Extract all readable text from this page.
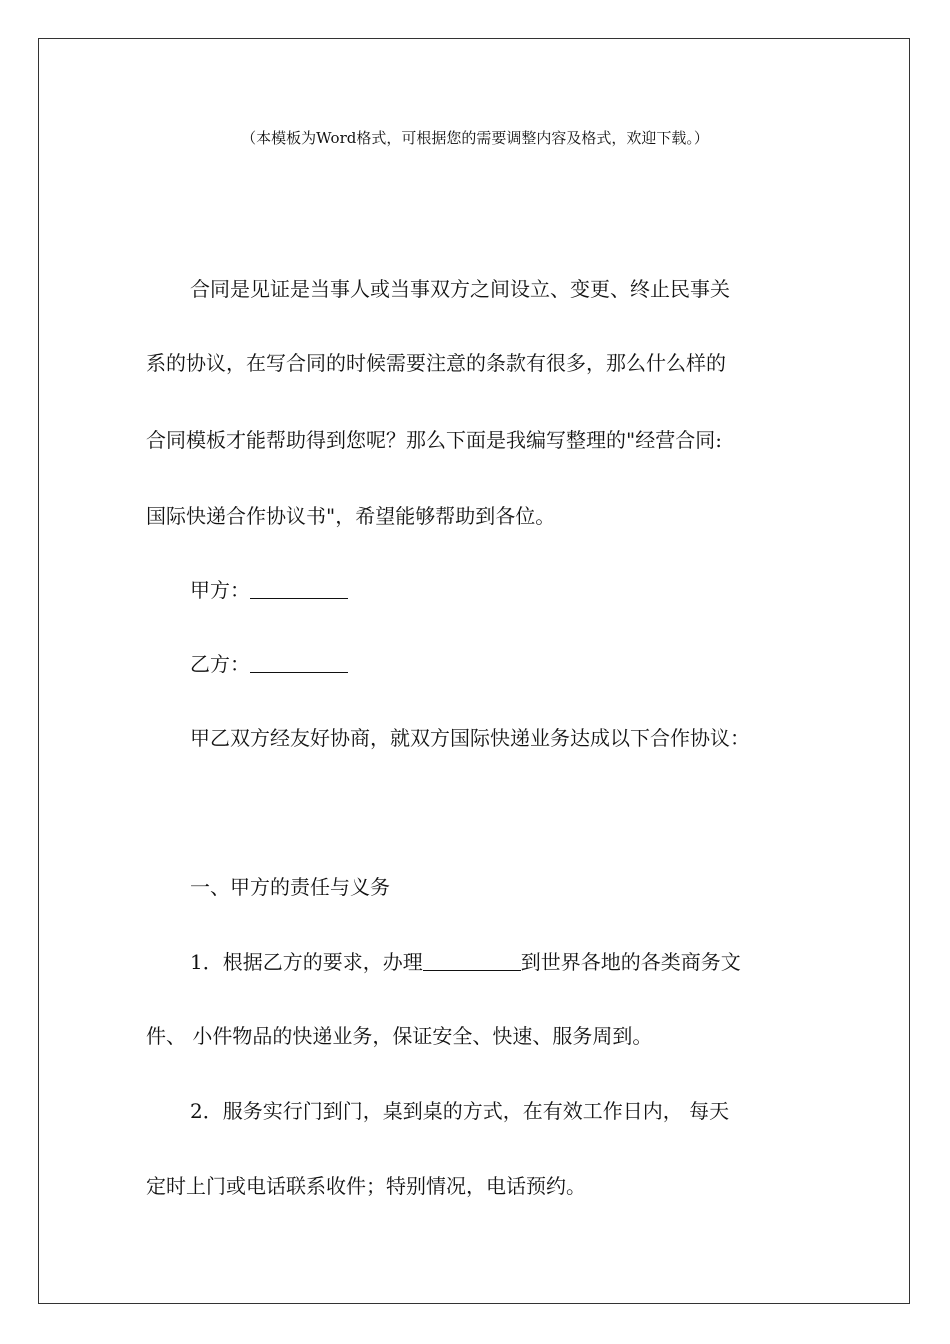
（本模板为Word格式，可根据您的需要调整内容及格式，欢迎下载。）
合同是见证是当事人或当事双方之间设立、变更、终止民事关
系的协议，在写合同的时候需要注意的条款有很多，那么什么样的
合同模板才能帮助得到您呢？那么下面是我编写整理的"经营合同:
国际快递合作协议书"，希望能够帮助到各位。
甲方：
乙方：
甲乙双方经友好协商，就双方国际快递业务达成以下合作协议：
一、甲方的责任与义务
1．根据乙方的要求，办理	到世界各地的各类商务文
件、 小件物品的快递业务，保证安全、快速、服务周到。
2．服务实行门到门，桌到桌的方式，在有效工作日内， 每天
定时上门或电话联系收件；特别情况，电话预约。
